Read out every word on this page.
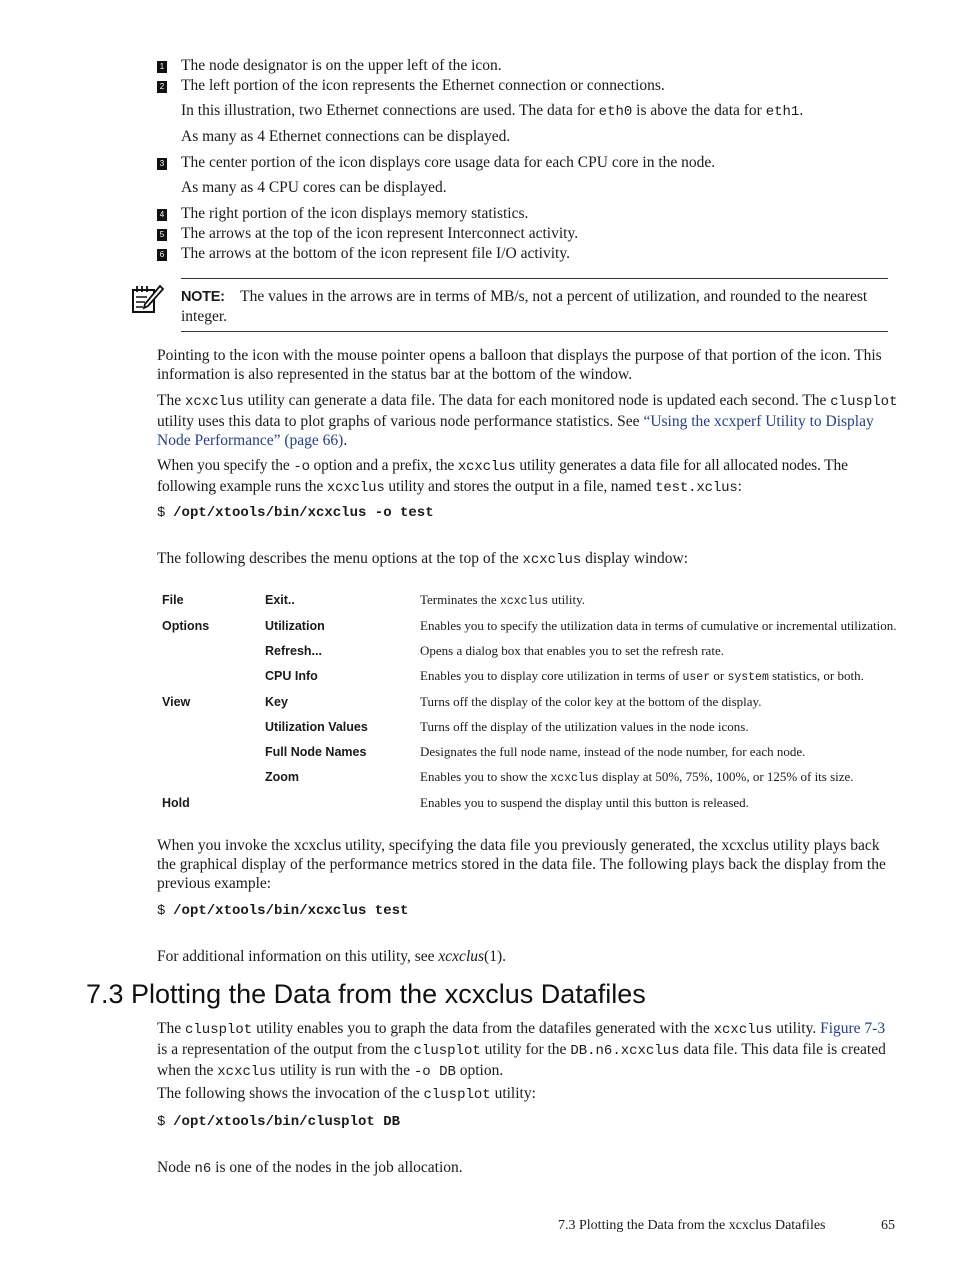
1 The node designator is on the upper left of the icon.
2 The left portion of the icon represents the Ethernet connection or connections.
In this illustration, two Ethernet connections are used. The data for eth0 is above the data for eth1.
As many as 4 Ethernet connections can be displayed.
3 The center portion of the icon displays core usage data for each CPU core in the node.
As many as 4 CPU cores can be displayed.
4 The right portion of the icon displays memory statistics.
5 The arrows at the top of the icon represent Interconnect activity.
6 The arrows at the bottom of the icon represent file I/O activity.
NOTE: The values in the arrows are in terms of MB/s, not a percent of utilization, and rounded to the nearest integer.
Pointing to the icon with the mouse pointer opens a balloon that displays the purpose of that portion of the icon. This information is also represented in the status bar at the bottom of the window.
The xcxclus utility can generate a data file. The data for each monitored node is updated each second. The clusplot utility uses this data to plot graphs of various node performance statistics. See “Using the xcxperf Utility to Display Node Performance” (page 66).
When you specify the -o option and a prefix, the xcxclus utility generates a data file for all allocated nodes. The following example runs the xcxclus utility and stores the output in a file, named test.xclus:
$ /opt/xtools/bin/xcxclus -o test
The following describes the menu options at the top of the xcxclus display window:
File	Exit..	Terminates the xcxclus utility.
Options	Utilization	Enables you to specify the utilization data in terms of cumulative or incremental utilization.
	Refresh...	Opens a dialog box that enables you to set the refresh rate.
	CPU Info	Enables you to display core utilization in terms of user or system statistics, or both.
View	Key	Turns off the display of the color key at the bottom of the display.
	Utilization Values	Turns off the display of the utilization values in the node icons.
	Full Node Names	Designates the full node name, instead of the node number, for each node.
	Zoom	Enables you to show the xcxclus display at 50%, 75%, 100%, or 125% of its size.
Hold		Enables you to suspend the display until this button is released.
When you invoke the xcxclus utility, specifying the data file you previously generated, the xcxclus utility plays back the graphical display of the performance metrics stored in the data file. The following plays back the display from the previous example:
$ /opt/xtools/bin/xcxclus test
For additional information on this utility, see xcxclus(1).
7.3 Plotting the Data from the xcxclus Datafiles
The clusplot utility enables you to graph the data from the datafiles generated with the xcxclus utility. Figure 7-3 is a representation of the output from the clusplot utility for the DB.n6.xcxclus data file. This data file is created when the xcxclus utility is run with the -o DB option.
The following shows the invocation of the clusplot utility:
$ /opt/xtools/bin/clusplot DB
Node n6 is one of the nodes in the job allocation.
7.3 Plotting the Data from the xcxclus Datafiles	65
